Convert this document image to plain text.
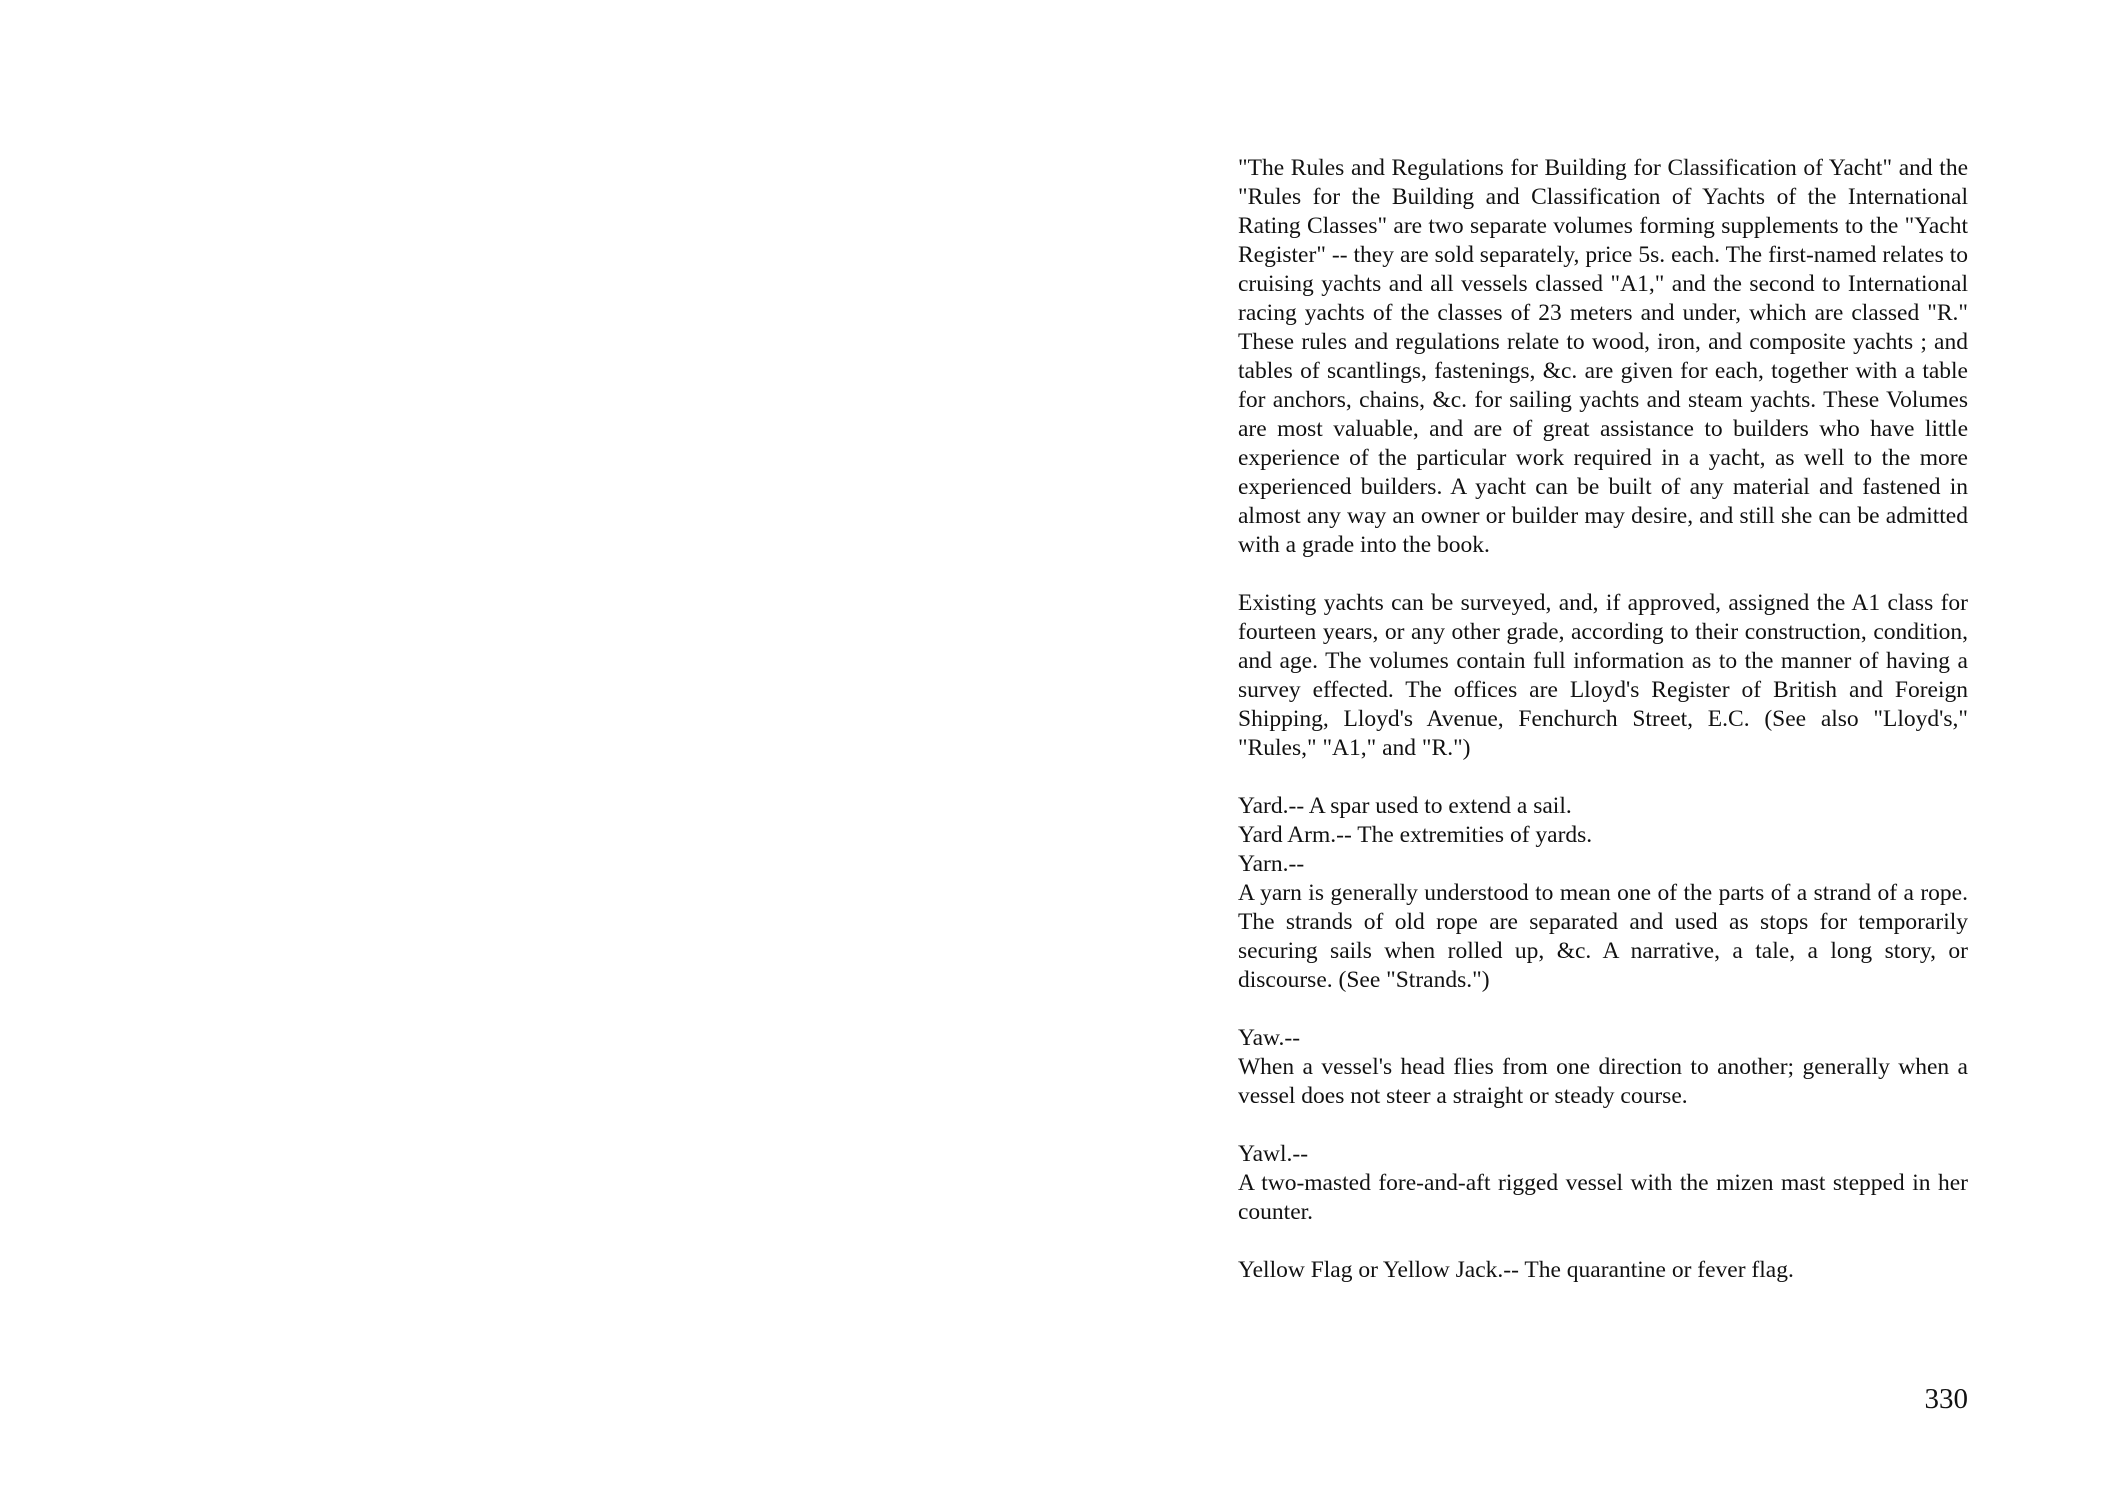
"The Rules and Regulations for Building for Classification of Yacht" and the "Rules for the Building and Classification of Yachts of the International Rating Classes" are two separate volumes forming supplements to the "Yacht Register" -- they are sold separately, price 5s. each. The first-named relates to cruising yachts and all vessels classed "A1," and the second to International racing yachts of the classes of 23 meters and under, which are classed "R." These rules and regulations relate to wood, iron, and composite yachts ; and tables of scantlings, fastenings, &c. are given for each, together with a table for anchors, chains, &c. for sailing yachts and steam yachts. These Volumes are most valuable, and are of great assistance to builders who have little experience of the particular work required in a yacht, as well to the more experienced builders. A yacht can be built of any material and fastened in almost any way an owner or builder may desire, and still she can be admitted with a grade into the book.

Existing yachts can be surveyed, and, if approved, assigned the A1 class for fourteen years, or any other grade, according to their construction, condition, and age. The volumes contain full information as to the manner of having a survey effected. The offices are Lloyd's Register of British and Foreign Shipping, Lloyd's Avenue, Fenchurch Street, E.C. (See also "Lloyd's," "Rules," "A1," and "R.")

Yard.-- A spar used to extend a sail.

Yard Arm.-- The extremities of yards.

Yarn.--

A yarn is generally understood to mean one of the parts of a strand of a rope. The strands of old rope are separated and used as stops for temporarily securing sails when rolled up, &c. A narrative, a tale, a long story, or discourse. (See "Strands.")

Yaw.--

When a vessel's head flies from one direction to another; generally when a vessel does not steer a straight or steady course.

Yawl.--

A two-masted fore-and-aft rigged vessel with the mizen mast stepped in her counter.

Yellow Flag or Yellow Jack.-- The quarantine or fever flag.

330
